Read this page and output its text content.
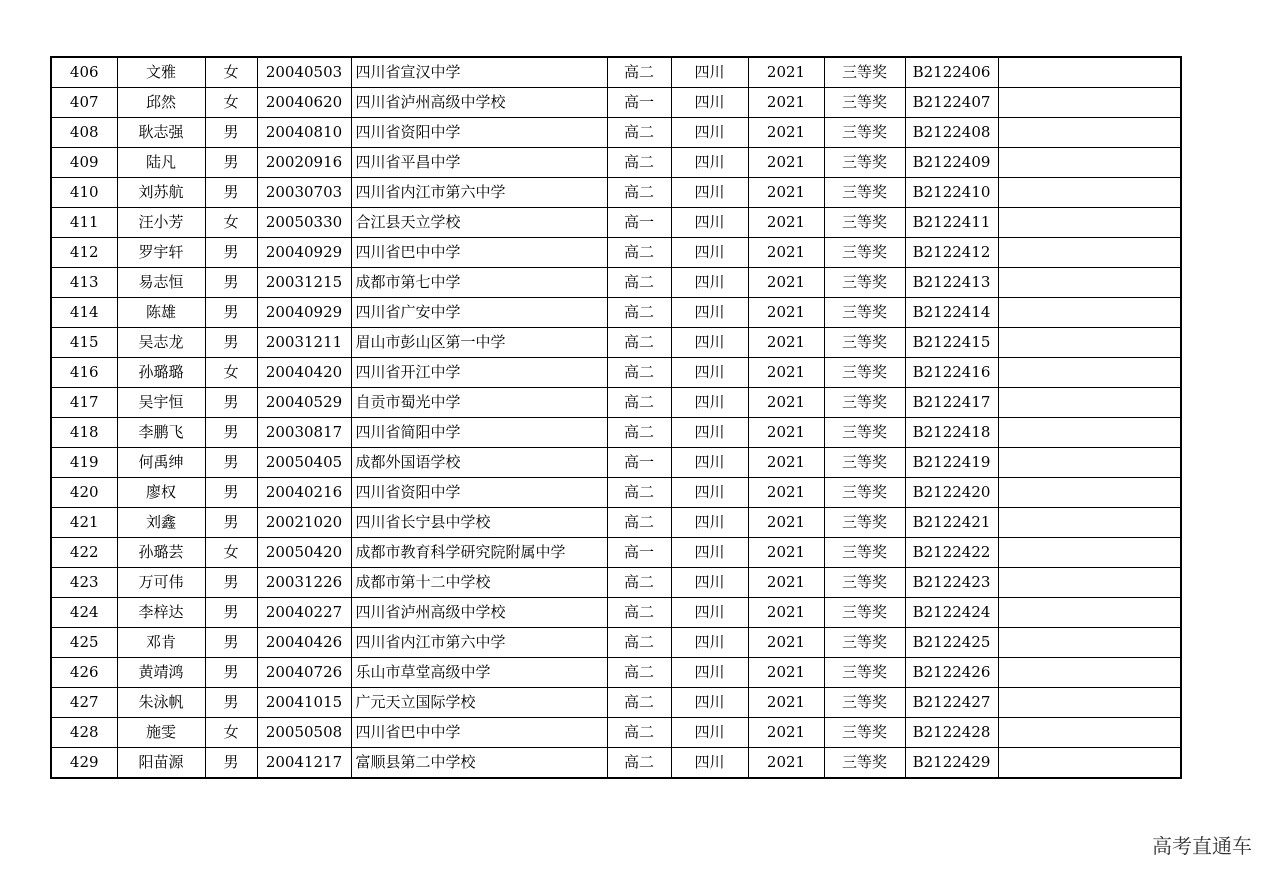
406	文雅	女	20040503	四川省宣汉中学	高二	四川	2021	三等奖	B2122406	
407	邱然	女	20040620	四川省泸州高级中学校	高一	四川	2021	三等奖	B2122407	
408	耿志强	男	20040810	四川省资阳中学	高二	四川	2021	三等奖	B2122408	
409	陆凡	男	20020916	四川省平昌中学	高二	四川	2021	三等奖	B2122409	
410	刘苏航	男	20030703	四川省内江市第六中学	高二	四川	2021	三等奖	B2122410	
411	汪小芳	女	20050330	合江县天立学校	高一	四川	2021	三等奖	B2122411	
412	罗宇轩	男	20040929	四川省巴中中学	高二	四川	2021	三等奖	B2122412	
413	易志恒	男	20031215	成都市第七中学	高二	四川	2021	三等奖	B2122413	
414	陈雄	男	20040929	四川省广安中学	高二	四川	2021	三等奖	B2122414	
415	吴志龙	男	20031211	眉山市彭山区第一中学	高二	四川	2021	三等奖	B2122415	
416	孙璐璐	女	20040420	四川省开江中学	高二	四川	2021	三等奖	B2122416	
417	吴宇恒	男	20040529	自贡市蜀光中学	高二	四川	2021	三等奖	B2122417	
418	李鹏飞	男	20030817	四川省简阳中学	高二	四川	2021	三等奖	B2122418	
419	何禹绅	男	20050405	成都外国语学校	高一	四川	2021	三等奖	B2122419	
420	廖权	男	20040216	四川省资阳中学	高二	四川	2021	三等奖	B2122420	
421	刘鑫	男	20021020	四川省长宁县中学校	高二	四川	2021	三等奖	B2122421	
422	孙璐芸	女	20050420	成都市教育科学研究院附属中学	高一	四川	2021	三等奖	B2122422	
423	万可伟	男	20031226	成都市第十二中学校	高二	四川	2021	三等奖	B2122423	
424	李梓达	男	20040227	四川省泸州高级中学校	高二	四川	2021	三等奖	B2122424	
425	邓肯	男	20040426	四川省内江市第六中学	高二	四川	2021	三等奖	B2122425	
426	黄靖鸿	男	20040726	乐山市草堂高级中学	高二	四川	2021	三等奖	B2122426	
427	朱泳帆	男	20041015	广元天立国际学校	高二	四川	2021	三等奖	B2122427	
428	施雯	女	20050508	四川省巴中中学	高二	四川	2021	三等奖	B2122428	
429	阳苗源	男	20041217	富顺县第二中学校	高二	四川	2021	三等奖	B2122429	
高考直通车
